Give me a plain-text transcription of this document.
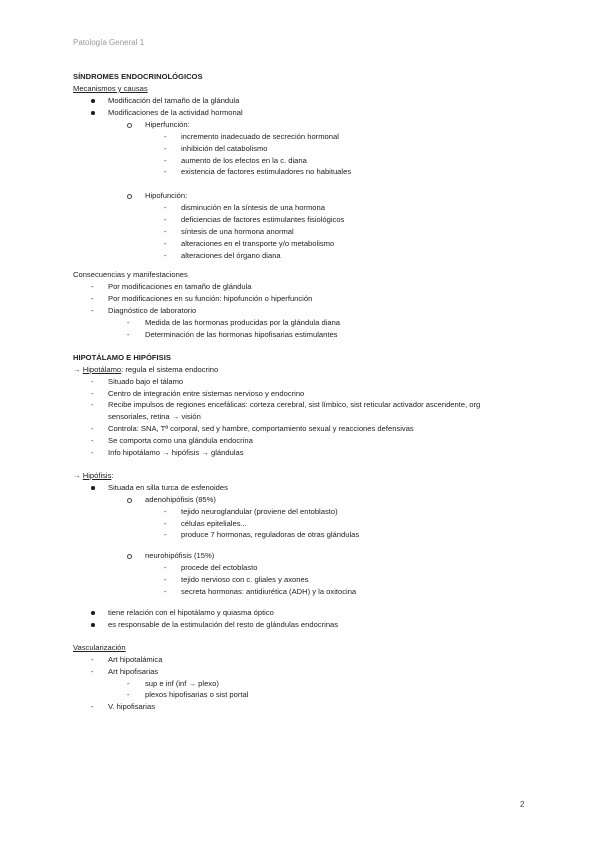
Patología General 1
SÍNDROMES ENDOCRINOLÓGICOS
Mecanismos y causas
Modificación del tamaño de la glándula
Modificaciones de la actividad hormonal
Hiperfunción:
- incremento inadecuado de secreción hormonal
- inhibición del catabolismo
- aumento de los efectos en la c. diana
- existencia de factores estimuladores no habituales
Hipofunción:
- disminución en la síntesis de una hormona
- deficiencias de factores estimulantes fisiológicos
- síntesis de una hormona anormal
- alteraciones en el transporte y/o metabolismo
- alteraciones del órgano diana
Consecuencias y manifestaciones
- Por modificaciones en tamaño de glándula
- Por modificaciones en su función: hipofunción o hiperfunción
- Diagnóstico de laboratorio
- Medida de las hormonas producidas por la glándula diana
- Determinación de las hormonas hipofisarias estimulantes
HIPOTÁLAMO E HIPÓFISIS
→ Hipotálamo: regula el sistema endocrino
- Situado bajo el tálamo
- Centro de integración entre sistemas nervioso y endocrino
- Recibe impulsos de regiones encefálicas: corteza cerebral, sist límbico, sist reticular activador ascendente, org
sensoriales, retina → visión
- Controla: SNA, Tª corporal, sed y hambre, comportamiento sexual y reacciones defensivas
- Se comporta como una glándula endocrina
- Info hipotálamo → hipófisis → glándulas
→ Hipófisis:
Situada en silla turca de esfenoides
adenohipófisis (85%)
- tejido neuroglandular (proviene del entoblasto)
- células epiteliales...
- produce 7 hormonas, reguladoras de otras glándulas
neurohipófisis (15%)
- procede del ectoblasto
- tejido nervioso con c. gliales y axones
- secreta hormonas: antidiurética (ADH) y la oxitocina
tiene relación con el hipotálamo y quiasma óptico
es responsable de la estimulación del resto de glándulas endocrinas
Vascularización
- Art hipotalámica
- Art hipofisarias
- sup e inf (inf → plexo)
- plexos hipofisarias o sist portal
- V. hipofisarias
2
